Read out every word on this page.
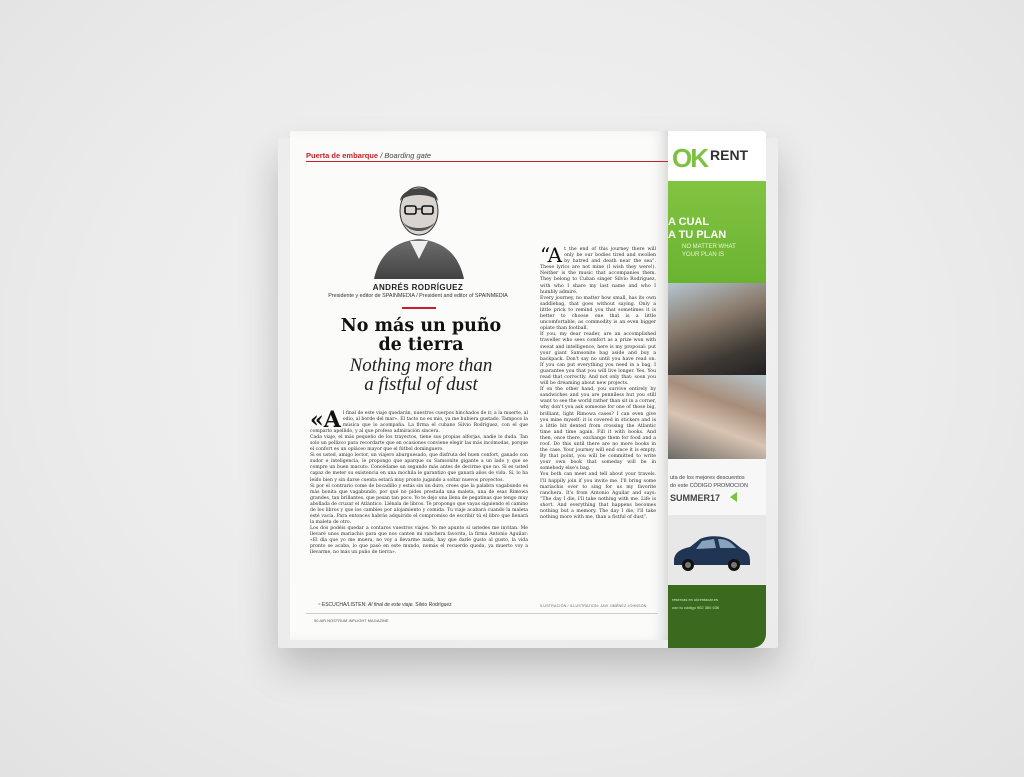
Puerta de embarque / Boarding gate
ANDRÉS RODRÍGUEZ
Presidente y editor de SPAINMEDIA / President and editor of SPAINMEDIA
No más un puño
de tierra
Nothing more than
a fistful of dust
«A l final de este viaje quedarán, nuestros cuerpos hinchados de ir, a la muerte, al odio, al borde del mar». El tacto no es mío, ya me hubiera gustado. Tampoco la música que lo acompaña. La firma el cubano Silvio Rodríguez, con el que comparto apellido, y al que profeso admiración sincera.

Cada viaje, el más pequeño de los trayectos, tiene sus propias alforjas, nadie lo duda. Tan solo un pellizco para recordarte que en ocasiones conviene elegir las más incómodas, porque el confort es un opiáceo mayor que el fútbol dominguero.

Si es usted, amigo lector, un viajero aburguesado, que disfruta del buen confort, ganado con sudor e inteligencia, le propongo que aparque su Samsonite gigante a un lado y que se compre un buen macuto. Concédame un segundo más antes de decirme que no. Si es usted capaz de meter su existencia en una mochila le garantizo que ganará años de vida. Sí, lo ha leído bien y sin darse cuenta estará muy pronto jugando a soltar nuevos proyectos.

Si por el contrario come de bocadillo y estás sin un duro, crees que la palabra vagabundo es más bonita que vagabundo, por qué no pides prestada una maleta, una de esas Rimowa grandes, tan brillantes, que pesan tan poco. Yo te dejo una llena de pegatinas que tengo muy abollada de cruzar el Atlántico. Llénala de libros. Te propongo que vayas siguiendo el camino de los libros y que los cambies por alojamiento y comida. Tu viaje acabará cuando la maleta esté vacía. Para entonces habrás adquirido el compromiso de escribir tú el libro que llenará la maleta de otro.

Los dos podéis quedar a contaros vuestros viajes. Yo me apunto si ustedes me invitan. Me llevaré unos mariachis para que nos canten mi ranchera favorita, la firma Antonio Aguilar: «El día que yo me muera, no voy a llevarme nada, hay que darle gusto al gusto, la vida pronto se acaba, lo que pasó en este mundo, nomás el recuerdo queda, ya muerto voy a llevarme, no más un puño de tierra».

“A t the end of this journey there will only be our bodies tired and swollen by hatred and death near the sea”. These lyrics are not mine (I wish they were!). Neither is the music that accompanies them. They belong to Cuban singer Silvio Rodríguez, with who I share my last name and who I humbly admire.

Every journey, no matter how small, has its own saddlebag, that goes without saying. Only a little prick to remind you that sometimes it is better to choose one that is a little uncomfortable, as commodity is an even bigger opiate than football.

If you, my dear reader, are an accomplished traveller who sees comfort as a prize won with sweat and intelligence, here is my proposal: put your giant Samsonite bag aside and buy a backpack. Don't say no until you have read on. If you can put everything you need in a bag, I guarantee you that you will live longer. Yes. You read that correctly. And not only that: soon you will be dreaming about new projects.

If on the other hand, you survive entirely by sandwiches and you are penniless but you still want to see the world rather than sit in a corner, why don't you ask someone for one of those big, brilliant, light Rimowa cases? I can even give you mine myself: it is covered in stickers and is a little bit dented from crossing the Atlantic time and time again. Fill it with books. And then, once there, exchange them for food and a roof. Do this until there are no more books in the case. Your journey will end once it is empty. By that point, you will be committed to write your own book that someday will be in somebody else's bag.

You both can meet and tell about your travels. I'll happily join if you invite me. I'll bring some mariachis over to sing for us my favorite ranchera. It's from Antonio Aguilar and says: “The day I die, I'll take nothing with me. Life is short. And everything that happens becomes nothing but a memory. The day I die, I'll take nothing more with me, than a fistful of dust”.

◦ ESCUCHA/LISTEN: Al final de este viaje. Silvio Rodríguez	ILUSTRACIÓN / ILLUSTRATION: JAVI JIMÉNEZ JOHNSON
50 AIR NOSTRUM INFLIGHT MAGAZINE
OK RENT
A CUAL
A TU PLAN
NO MATTER WHAT
YOUR PLAN IS
uta de los mejores descuentos
do este CÓDIGO PROMOCION
SUMMER17
reservas en okrentacar.es
con tu código 902 360 636
